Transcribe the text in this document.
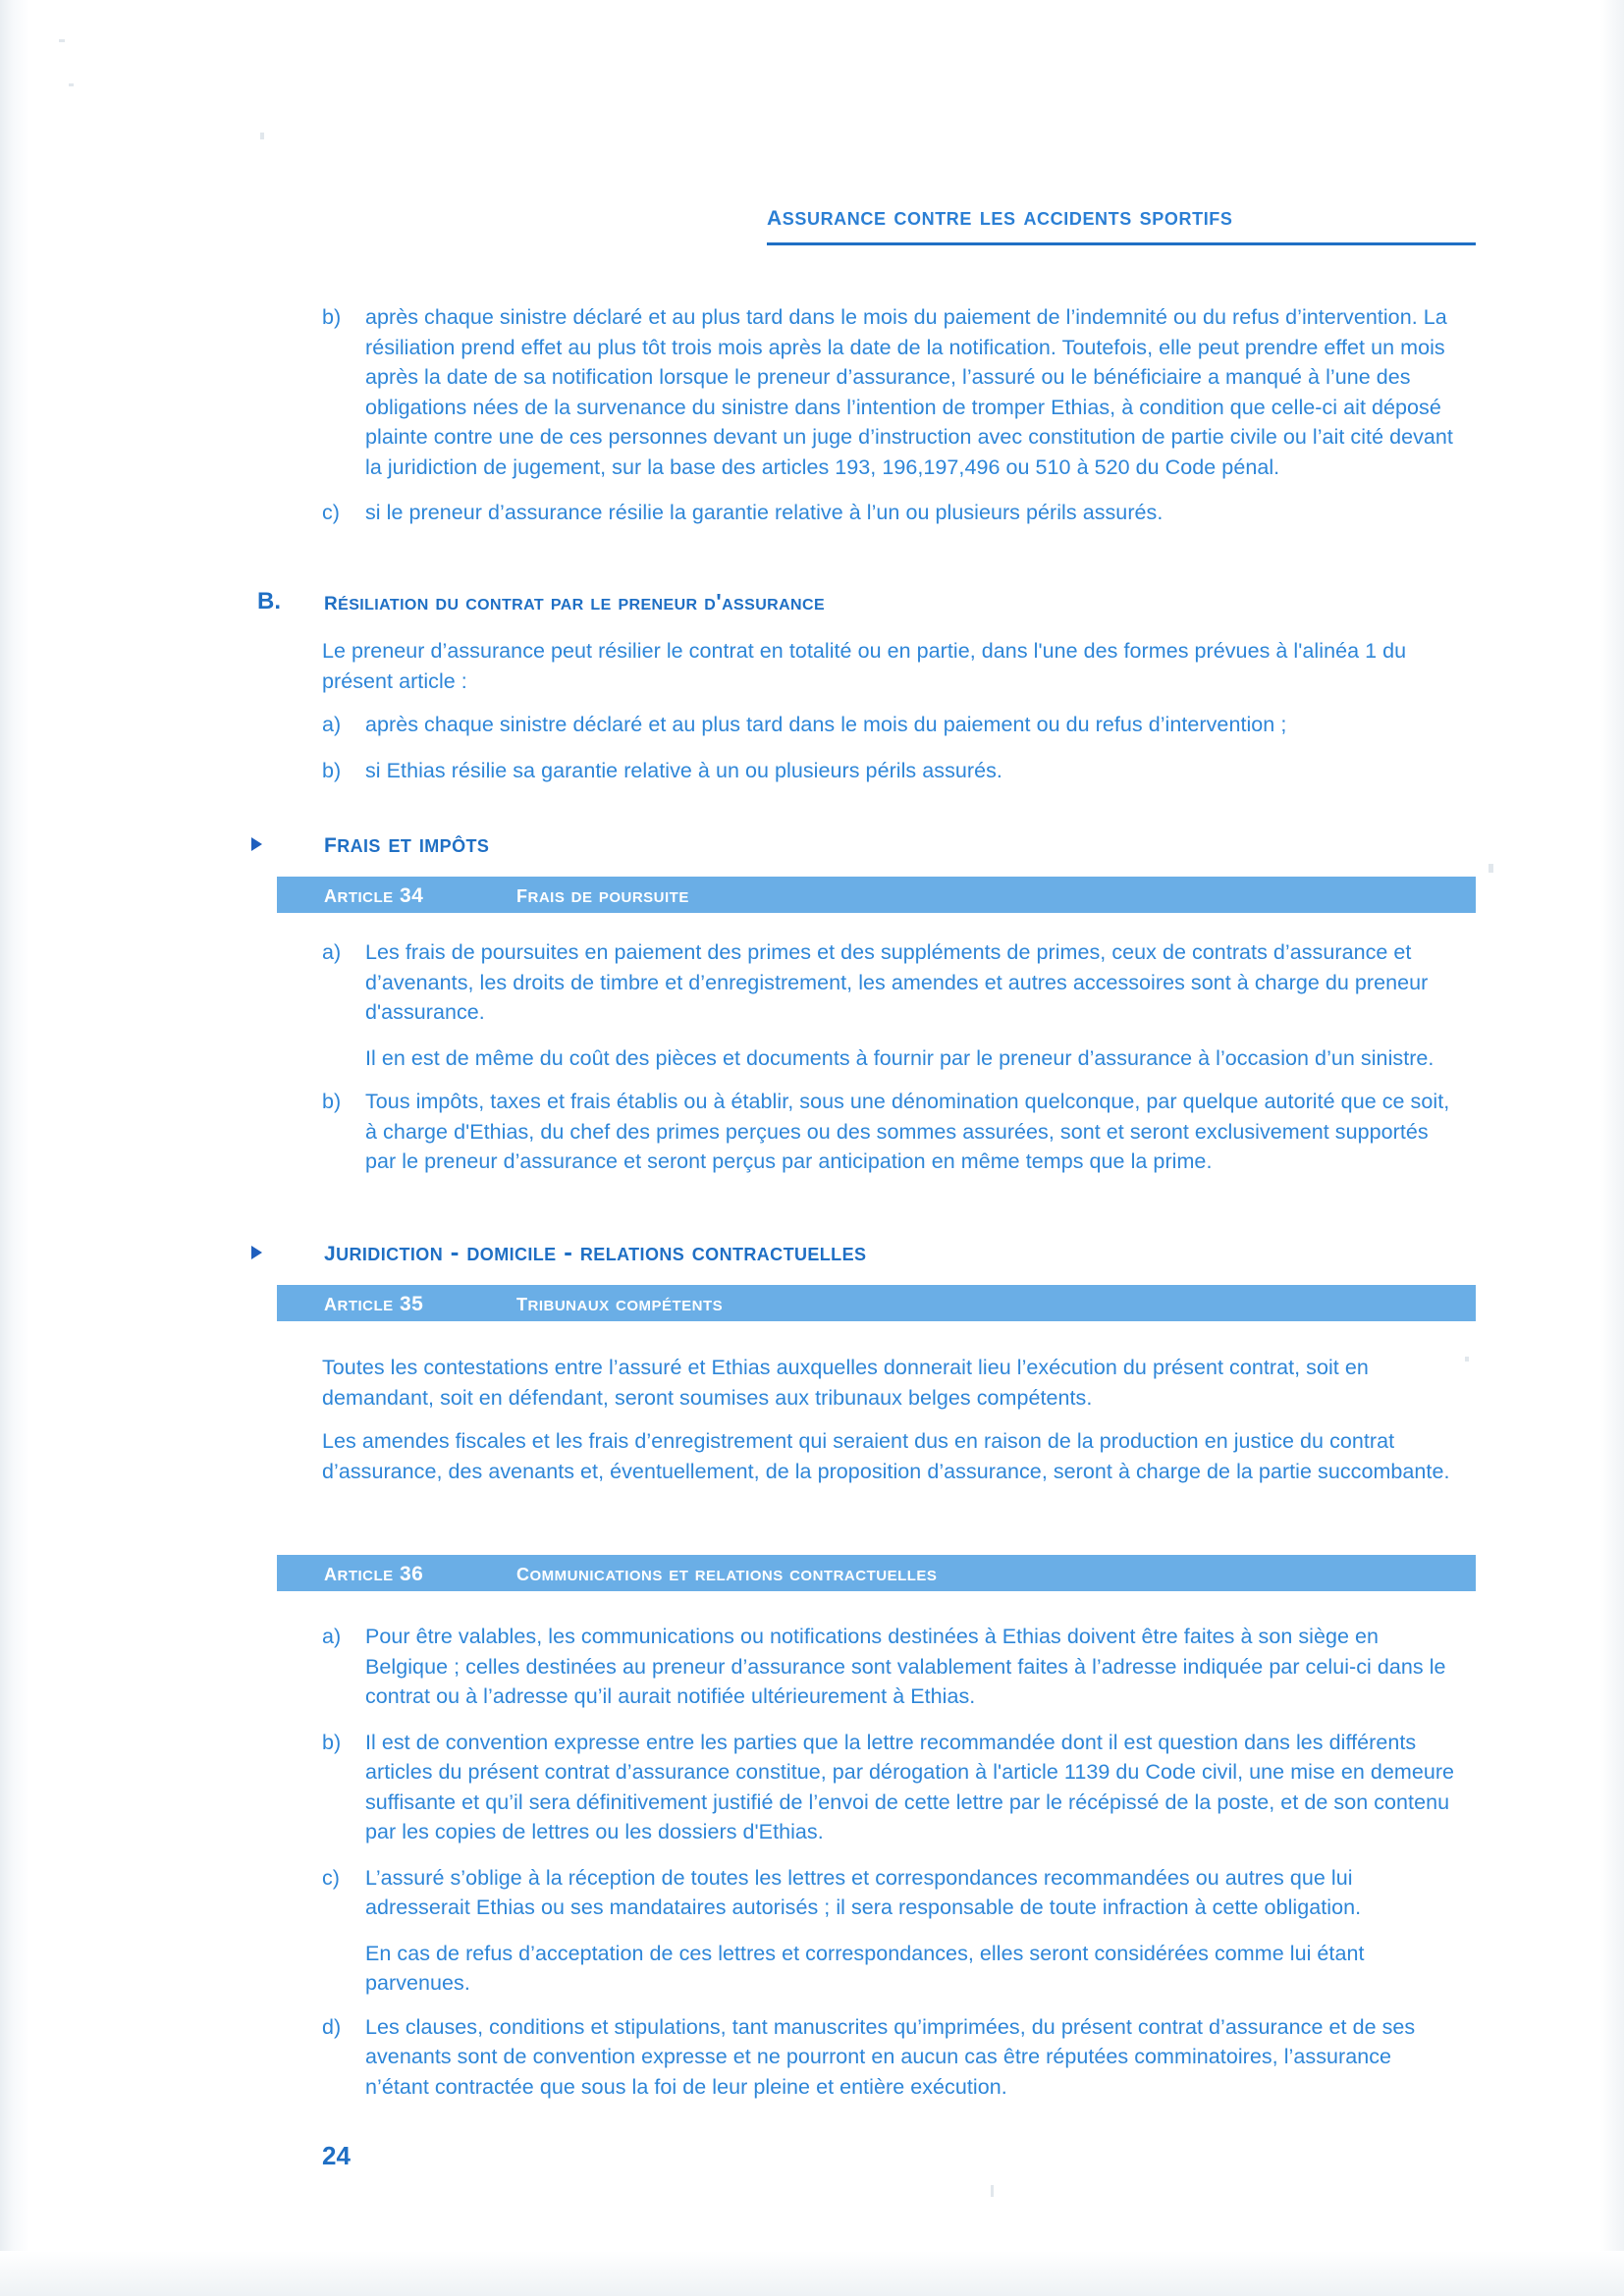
assurance contre les accidents sportifs
b)	après chaque sinistre déclaré et au plus tard dans le mois du paiement de l’indemnité ou du refus d’intervention. La résiliation prend effet au plus tôt trois mois après la date de la notification. Toutefois, elle peut prendre effet un mois après la date de sa notification lorsque le preneur d’assurance, l’assuré ou le bénéficiaire a manqué à l’une des obligations nées de la survenance du sinistre dans l’intention de tromper Ethias, à condition que celle-ci ait déposé plainte contre une de ces personnes devant un juge d’instruction avec constitution de partie civile ou l’ait cité devant la juridiction de jugement, sur la base des articles 193, 196,197,496 ou 510 à 520 du Code pénal.
c)	si le preneur d’assurance résilie la garantie relative à l’un ou plusieurs périls assurés.
B. résiliation du contrat par le preneur d'assurance
Le preneur d’assurance peut résilier le contrat en totalité ou en partie, dans l'une des formes prévues à l'alinéa 1 du présent article :
a)	après chaque sinistre déclaré et au plus tard dans le mois du paiement ou du refus d’intervention ;
b)	si Ethias résilie sa garantie relative à un ou plusieurs périls assurés.
frais et impôts
article 34	frais de poursuite
a)	Les frais de poursuites en paiement des primes et des suppléments de primes, ceux de contrats d’assurance et d’avenants, les droits de timbre et d’enregistrement, les amendes et autres accessoires sont à charge du preneur d'assurance.
Il en est de même du coût des pièces et documents à fournir par le preneur d’assurance à l’occasion d’un sinistre.
b)	Tous impôts, taxes et frais établis ou à établir, sous une dénomination quelconque, par quelque autorité que ce soit, à charge d'Ethias, du chef des primes perçues ou des sommes assurées, sont et seront exclusivement supportés par le preneur d’assurance et seront perçus par anticipation en même temps que la prime.
juridiction - domicile - relations contractuelles
article 35	tribunaux compétents
Toutes les contestations entre l’assuré et Ethias auxquelles donnerait lieu l’exécution du présent contrat, soit en demandant, soit en défendant, seront soumises aux tribunaux belges compétents.
Les amendes fiscales et les frais d’enregistrement qui seraient dus en raison de la production en justice du contrat d’assurance, des avenants et, éventuellement, de la proposition d’assurance, seront à charge de la partie succombante.
article 36	communications et relations contractuelles
a)	Pour être valables, les communications ou notifications destinées à Ethias doivent être faites à son siège en Belgique ; celles destinées au preneur d’assurance sont valablement faites à l’adresse indiquée par celui-ci dans le contrat ou à l’adresse qu’il aurait notifiée ultérieurement à Ethias.
b)	Il est de convention expresse entre les parties que la lettre recommandée dont il est question dans les différents articles du présent contrat d’assurance constitue, par dérogation à l'article 1139 du Code civil, une mise en demeure suffisante et qu’il sera définitivement justifié de l’envoi de cette lettre par le récépissé de la poste, et de son contenu par les copies de lettres ou les dossiers d'Ethias.
c)	L’assuré s’oblige à la réception de toutes les lettres et correspondances recommandées ou autres que lui adresserait Ethias ou ses mandataires autorisés ; il sera responsable de toute infraction à cette obligation.
En cas de refus d’acceptation de ces lettres et correspondances, elles seront considérées comme lui étant parvenues.
d)	Les clauses, conditions et stipulations, tant manuscrites qu’imprimées, du présent contrat d’assurance et de ses avenants sont de convention expresse et ne pourront en aucun cas être réputées comminatoires, l’assurance n’étant contractée que sous la foi de leur pleine et entière exécution.
24
